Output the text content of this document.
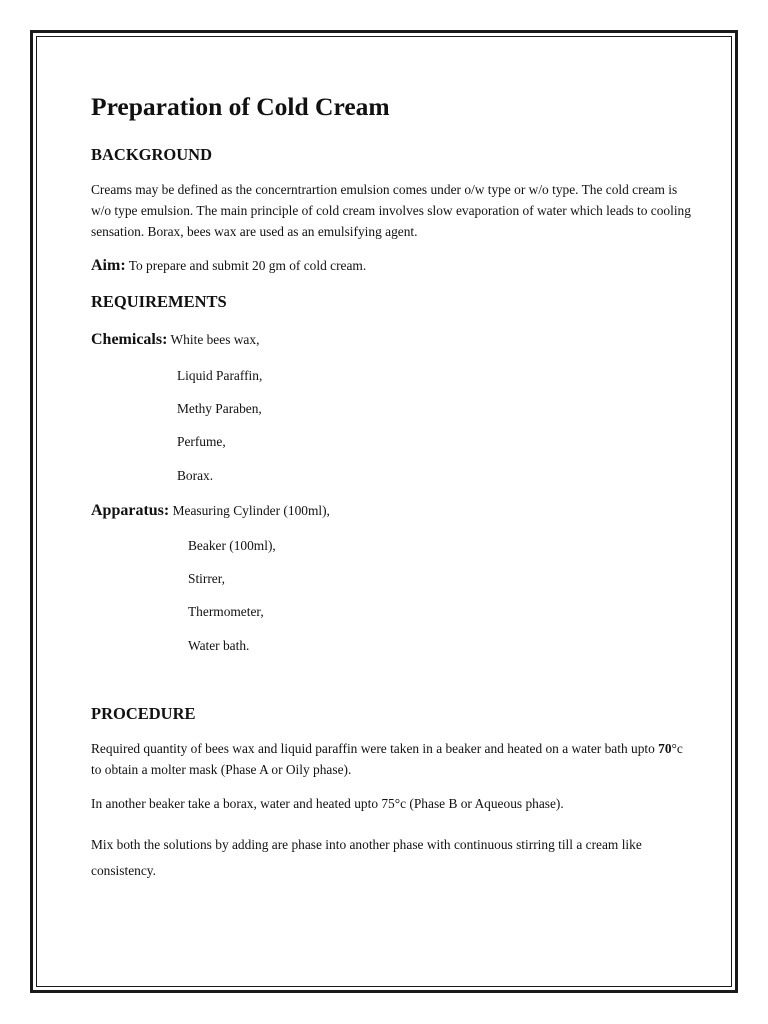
Preparation of Cold Cream
BACKGROUND

Creams may be defined as the concerntrartion emulsion comes under o/w type or w/o type. The cold cream is w/o type emulsion. The main principle of cold cream involves slow evaporation of water which leads to cooling sensation. Borax, bees wax are used as an emulsifying agent.

Aim: To prepare and submit 20 gm of cold cream.
REQUIREMENTS
Chemicals: White bees wax,
Liquid Paraffin,
Methy Paraben,
Perfume,
Borax.
Apparatus: Measuring Cylinder (100ml),
Beaker (100ml),
Stirrer,
Thermometer,
Water bath.
PROCEDURE

Required quantity of bees wax and liquid paraffin were taken in a beaker and heated on a water bath upto 70°c to obtain a molter mask (Phase A or Oily phase).

In another beaker take a borax, water and heated upto 75°c (Phase B or Aqueous phase).

Mix both the solutions by adding are phase into another phase with continuous stirring till a cream like consistency.
